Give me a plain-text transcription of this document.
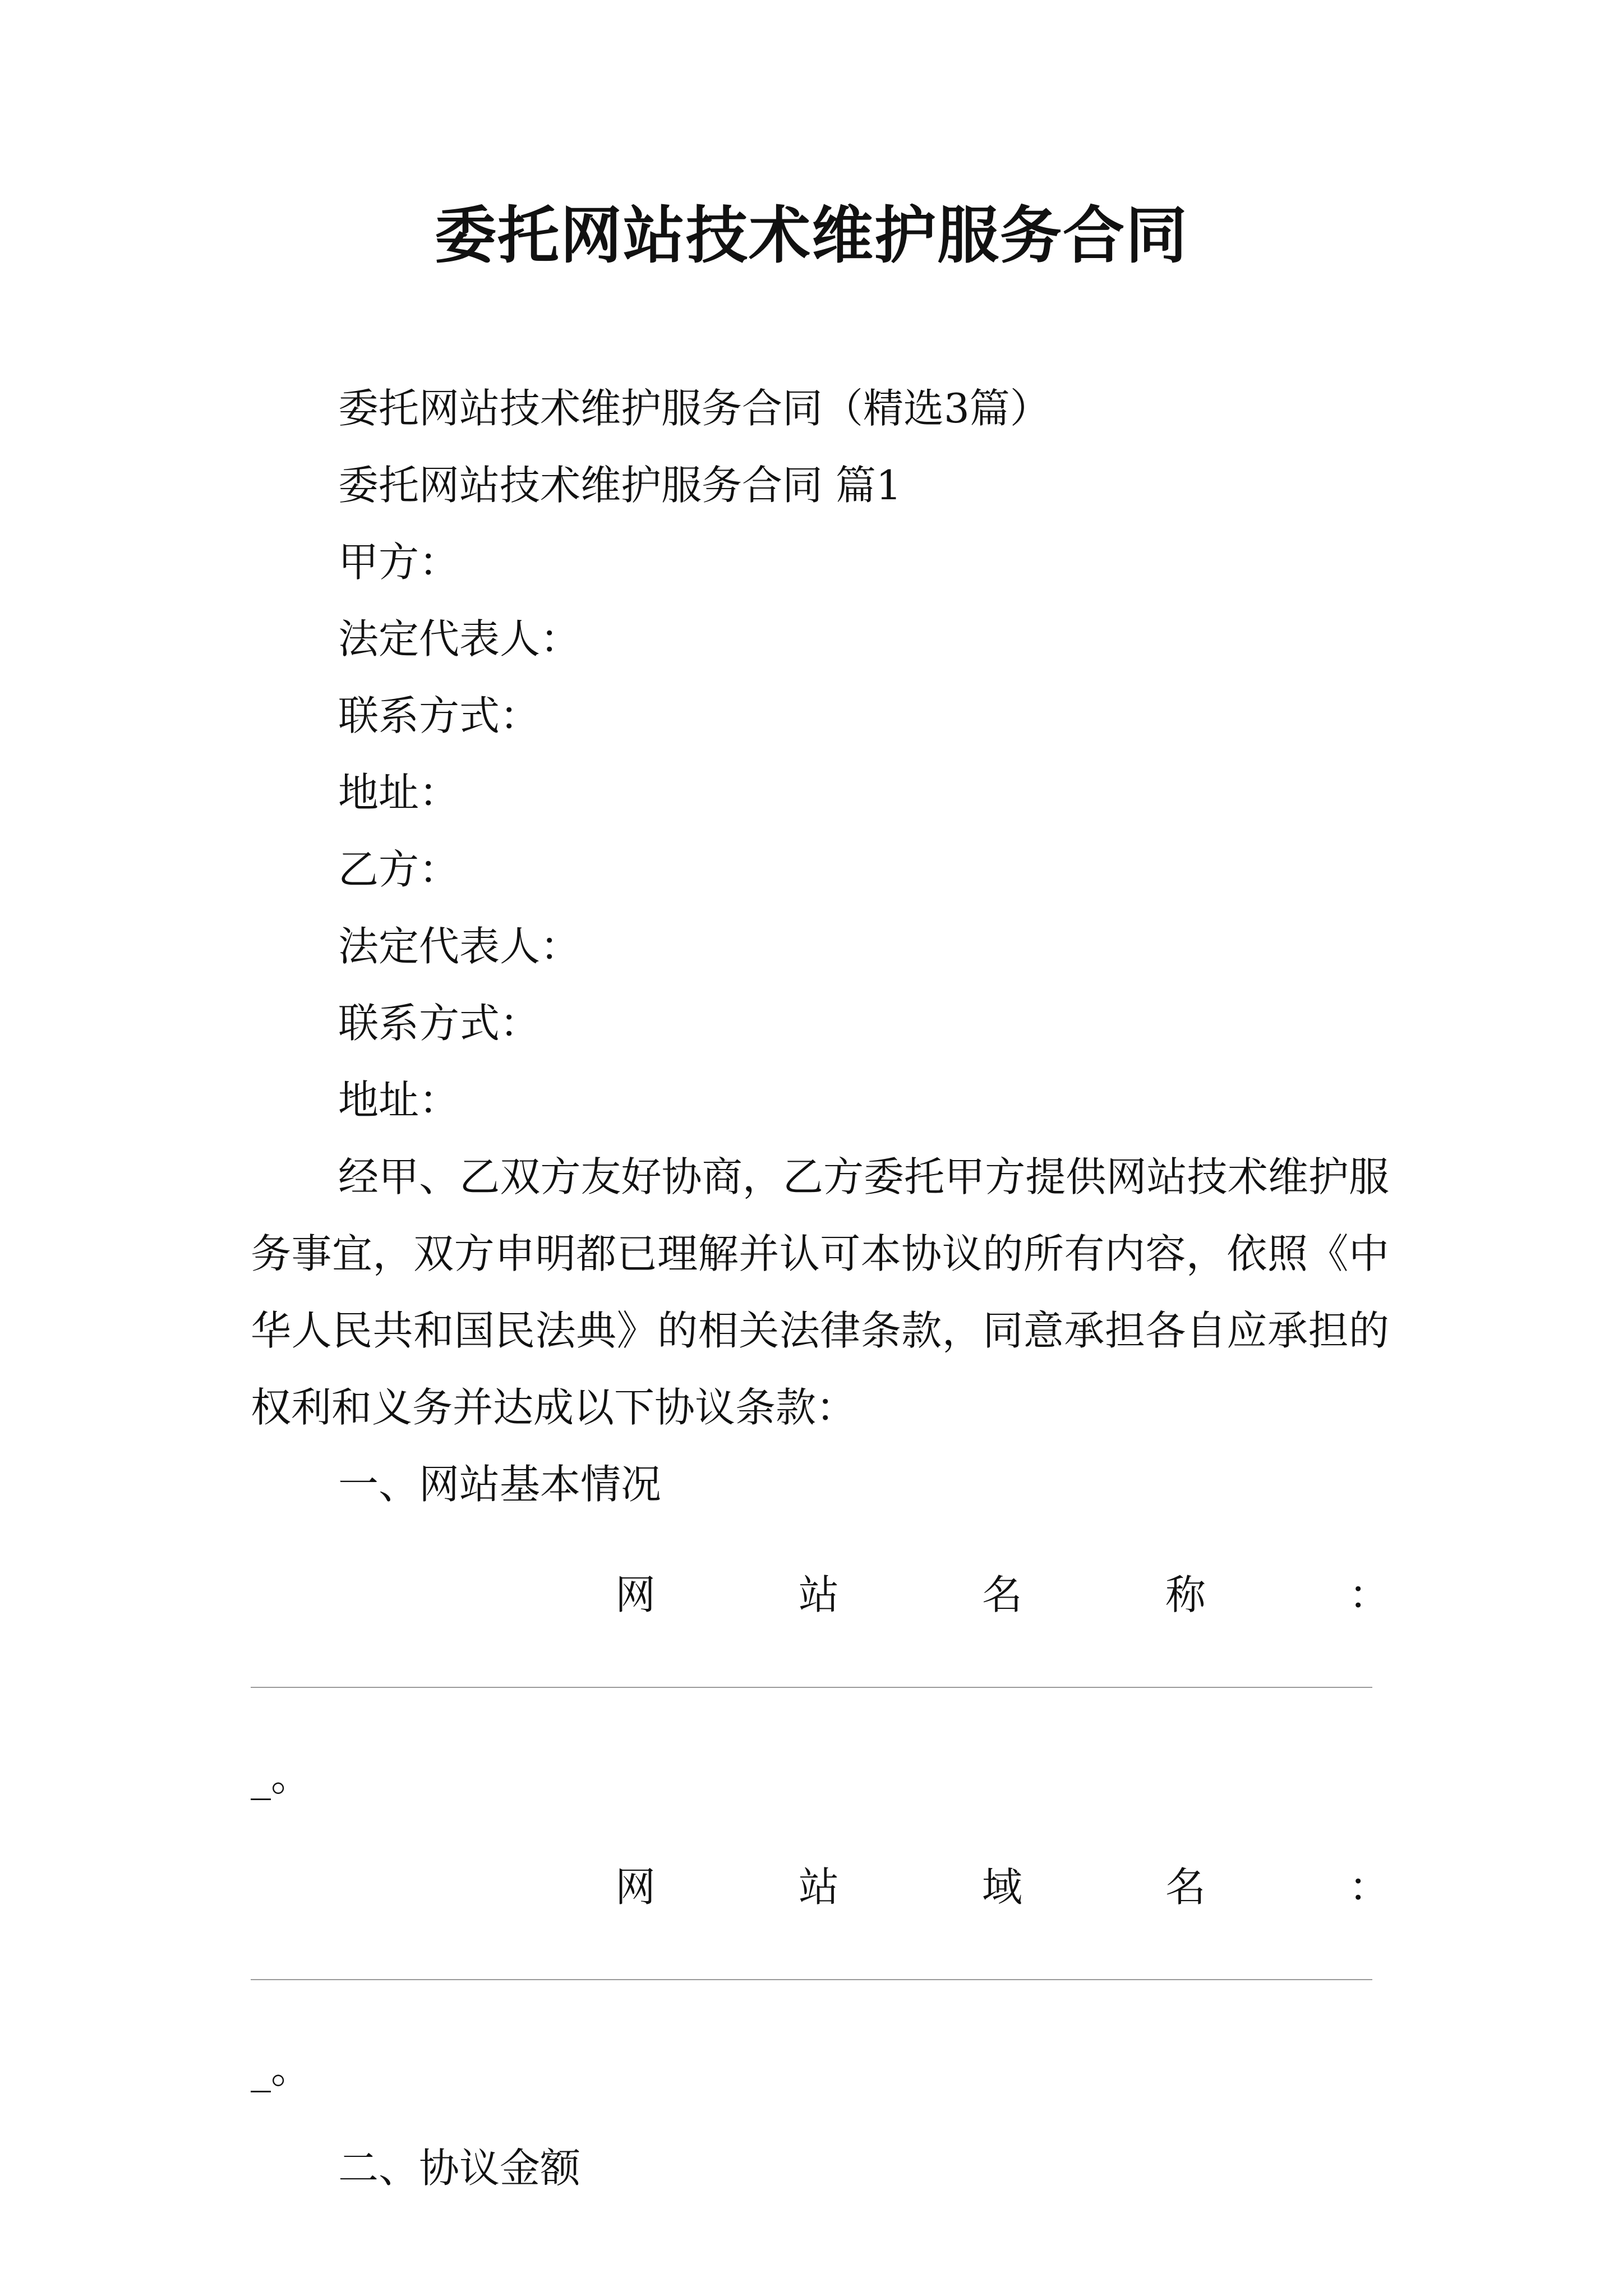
委托网站技术维护服务合同
委托网站技术维护服务合同（精选3篇）
委托网站技术维护服务合同 篇1
甲方：
法定代表人：
联系方式：
地址：
乙方：
法定代表人：
联系方式：
地址：

经甲、乙双方友好协商，乙方委托甲方提供网站技术维护服务事宜，双方申明都已理解并认可本协议的所有内容，依照《中华人民共和国民法典》的相关法律条款，同意承担各自应承担的权利和义务并达成以下协议条款：

一、网站基本情况
网	站	名	称	：
_。
网	站	域	名	：
_。
二、协议金额
